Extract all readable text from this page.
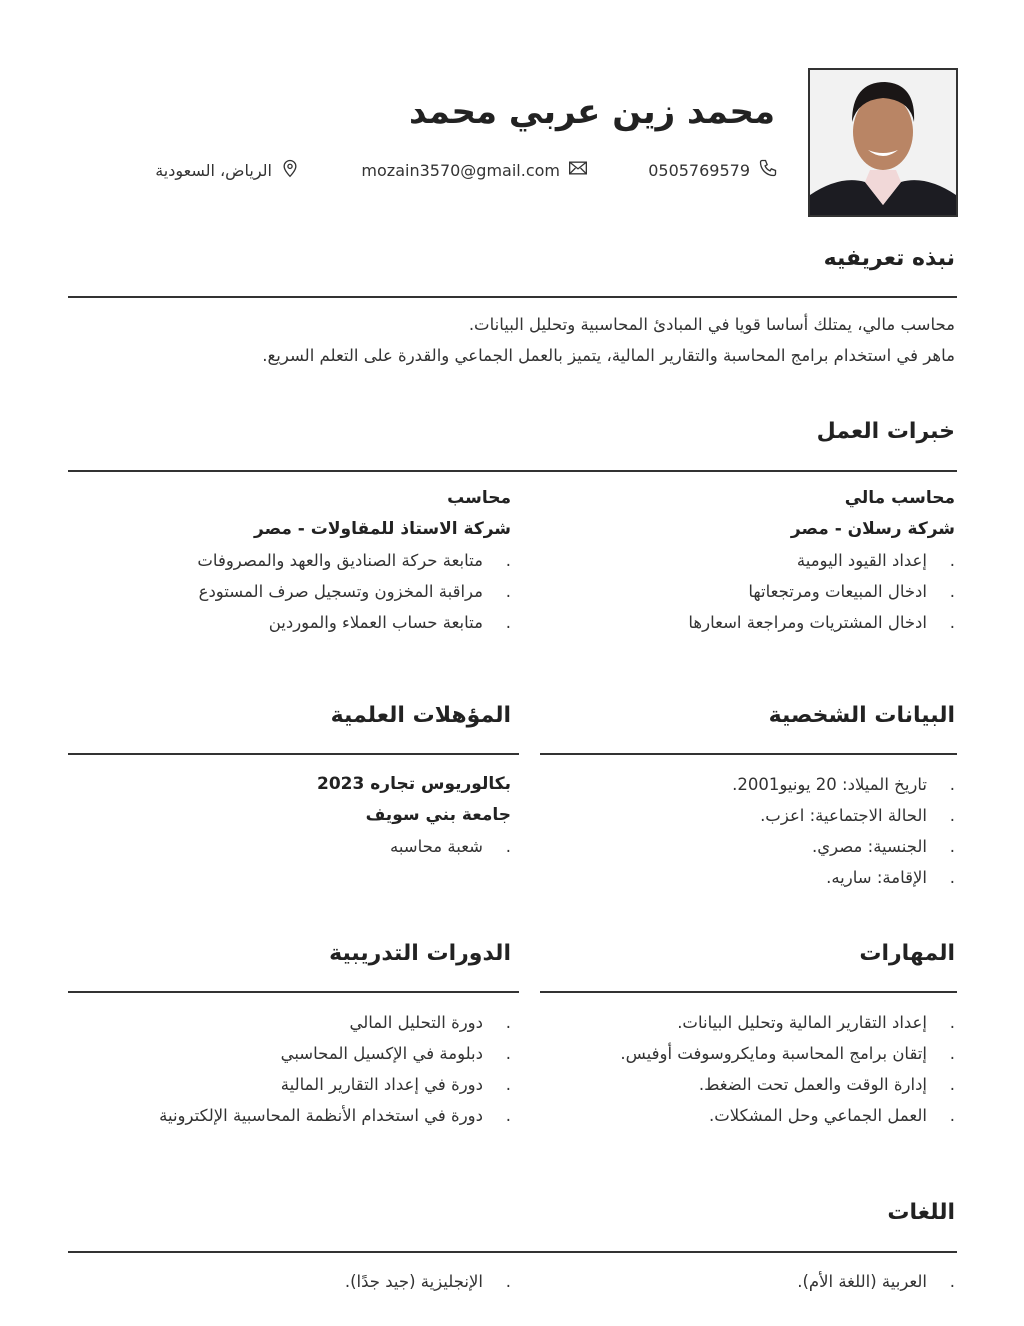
محمد زين عربي محمد
0505769579
mozain3570@gmail.com
الرياض، السعودية
نبذه تعريفيه
محاسب مالي، يمتلك أساسا قويا في المبادئ المحاسبية وتحليل البيانات.
ماهر في استخدام برامج المحاسبة والتقارير المالية، يتميز بالعمل الجماعي والقدرة على التعلم السريع.
خبرات العمل
محاسب مالي
شركة رسلان - مصر
.
إعداد القيود اليومية
.
ادخال المبيعات ومرتجعاتها
.
ادخال المشتريات ومراجعة اسعارها
محاسب
شركة الاستاذ للمقاولات - مصر
.
متابعة حركة الصناديق والعهد والمصروفات
.
مراقبة المخزون وتسجيل صرف المستودع
.
متابعة حساب العملاء والموردين
البيانات الشخصية
المؤهلات العلمية
.
تاريخ الميلاد: 20 يونيو2001.
.
الحالة الاجتماعية: اعزب.
.
الجنسية: مصري.
.
الإقامة: ساريه.
بكالوريوس تجاره 2023
جامعة بني سويف
.
شعبة محاسبه
المهارات
الدورات التدريبية
.
إعداد التقارير المالية وتحليل البيانات.
.
إتقان برامج المحاسبة ومايكروسوفت أوفيس.
.
إدارة الوقت والعمل تحت الضغط.
.
العمل الجماعي وحل المشكلات.
.
دورة التحليل المالي
.
دبلومة في الإكسيل المحاسبي
.
دورة في إعداد التقارير المالية
.
دورة في استخدام الأنظمة المحاسبية الإلكترونية
اللغات
.
العربية (اللغة الأم).
.
الإنجليزية (جيد جدًا).
